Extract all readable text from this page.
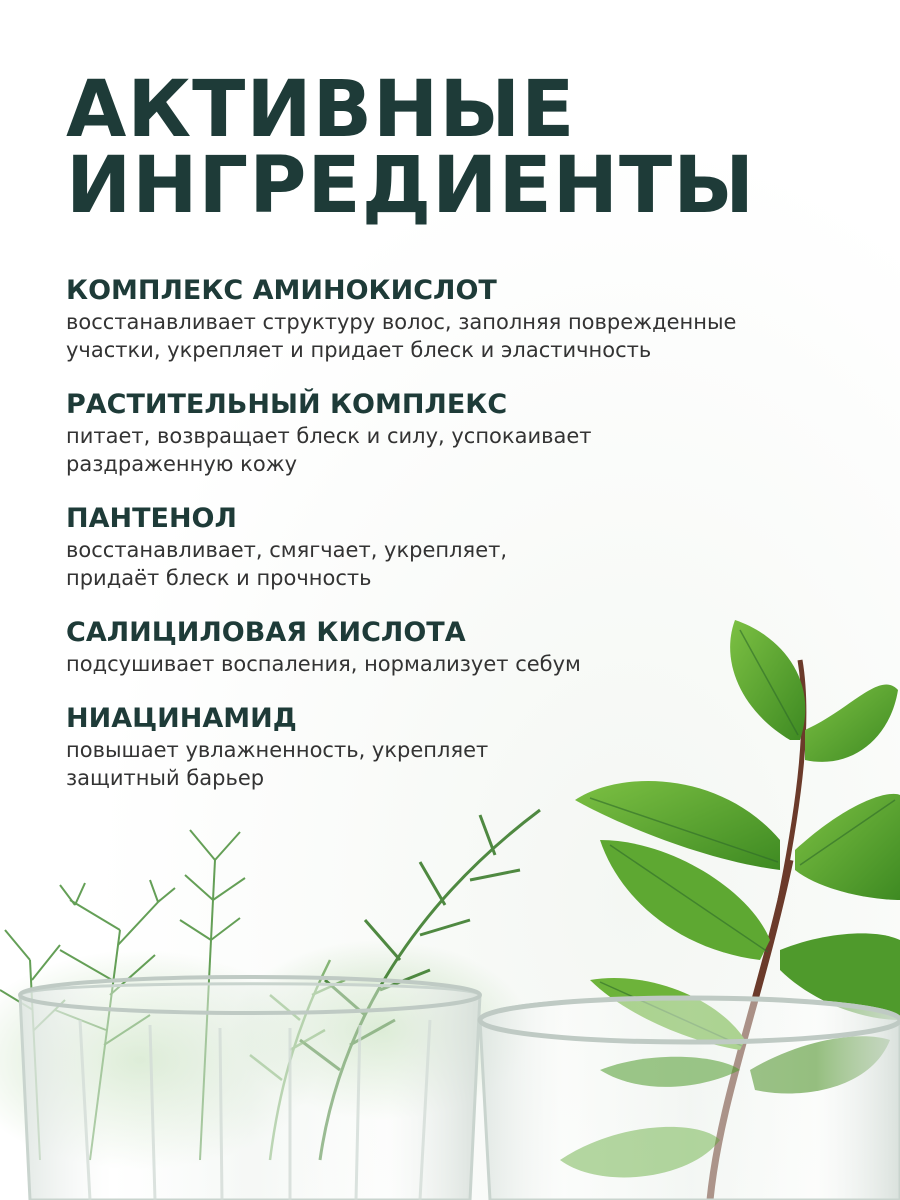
АКТИВНЫЕ
ИНГРЕДИЕНТЫ
КОМПЛЕКС АМИНОКИСЛОТ
восстанавливает структуру волос, заполняя поврежденные участки, укрепляет и придает блеск и эластичность
РАСТИТЕЛЬНЫЙ КОМПЛЕКС
питает, возвращает блеск и силу, успокаивает раздраженную кожу
ПАНТЕНОЛ
восстанавливает, смягчает, укрепляет, придаёт блеск и прочность
САЛИЦИЛОВАЯ КИСЛОТА
подсушивает воспаления, нормализует себум
НИАЦИНАМИД
повышает увлажненность, укрепляет защитный барьер
